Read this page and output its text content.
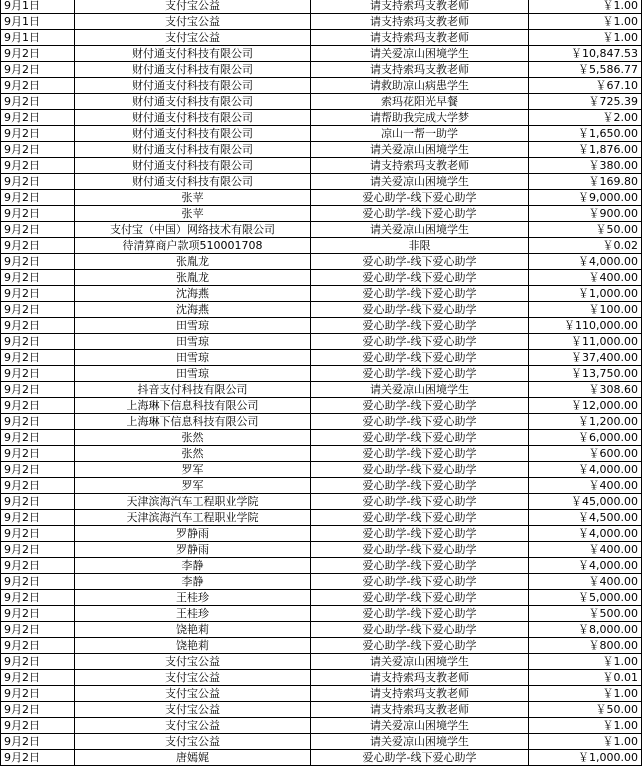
9月1日	支付宝公益	请支持索玛支教老师	￥1.00
9月1日	支付宝公益	请支持索玛支教老师	￥1.00
9月1日	支付宝公益	请支持索玛支教老师	￥1.00
9月2日	财付通支付科技有限公司	请关爱凉山困境学生	￥10,847.53
9月2日	财付通支付科技有限公司	请支持索玛支教老师	￥5,586.77
9月2日	财付通支付科技有限公司	请救助凉山病患学生	￥67.10
9月2日	财付通支付科技有限公司	索玛花阳光早餐	￥725.39
9月2日	财付通支付科技有限公司	请帮助我完成大学梦	￥2.00
9月2日	财付通支付科技有限公司	凉山一帮一助学	￥1,650.00
9月2日	财付通支付科技有限公司	请关爱凉山困境学生	￥1,876.00
9月2日	财付通支付科技有限公司	请支持索玛支教老师	￥380.00
9月2日	财付通支付科技有限公司	请关爱凉山困境学生	￥169.80
9月2日	张苹	爱心助学-线下爱心助学	￥9,000.00
9月2日	张苹	爱心助学-线下爱心助学	￥900.00
9月2日	支付宝（中国）网络技术有限公司	请关爱凉山困境学生	￥50.00
9月2日	待清算商户款项510001708	非限	￥0.02
9月2日	张胤龙	爱心助学-线下爱心助学	￥4,000.00
9月2日	张胤龙	爱心助学-线下爱心助学	￥400.00
9月2日	沈海燕	爱心助学-线下爱心助学	￥1,000.00
9月2日	沈海燕	爱心助学-线下爱心助学	￥100.00
9月2日	田雪琼	爱心助学-线下爱心助学	￥110,000.00
9月2日	田雪琼	爱心助学-线下爱心助学	￥11,000.00
9月2日	田雪琼	爱心助学-线下爱心助学	￥37,400.00
9月2日	田雪琼	爱心助学-线下爱心助学	￥13,750.00
9月2日	抖音支付科技有限公司	请关爱凉山困境学生	￥308.60
9月2日	上海琳下信息科技有限公司	爱心助学-线下爱心助学	￥12,000.00
9月2日	上海琳下信息科技有限公司	爱心助学-线下爱心助学	￥1,200.00
9月2日	张然	爱心助学-线下爱心助学	￥6,000.00
9月2日	张然	爱心助学-线下爱心助学	￥600.00
9月2日	罗军	爱心助学-线下爱心助学	￥4,000.00
9月2日	罗军	爱心助学-线下爱心助学	￥400.00
9月2日	天津滨海汽车工程职业学院	爱心助学-线下爱心助学	￥45,000.00
9月2日	天津滨海汽车工程职业学院	爱心助学-线下爱心助学	￥4,500.00
9月2日	罗静雨	爱心助学-线下爱心助学	￥4,000.00
9月2日	罗静雨	爱心助学-线下爱心助学	￥400.00
9月2日	李静	爱心助学-线下爱心助学	￥4,000.00
9月2日	李静	爱心助学-线下爱心助学	￥400.00
9月2日	王桂珍	爱心助学-线下爱心助学	￥5,000.00
9月2日	王桂珍	爱心助学-线下爱心助学	￥500.00
9月2日	饶艳莉	爱心助学-线下爱心助学	￥8,000.00
9月2日	饶艳莉	爱心助学-线下爱心助学	￥800.00
9月2日	支付宝公益	请关爱凉山困境学生	￥1.00
9月2日	支付宝公益	请支持索玛支教老师	￥0.01
9月2日	支付宝公益	请支持索玛支教老师	￥1.00
9月2日	支付宝公益	请支持索玛支教老师	￥50.00
9月2日	支付宝公益	请关爱凉山困境学生	￥1.00
9月2日	支付宝公益	请关爱凉山困境学生	￥1.00
9月2日	唐嫣娓	爱心助学-线下爱心助学	￥1,000.00
